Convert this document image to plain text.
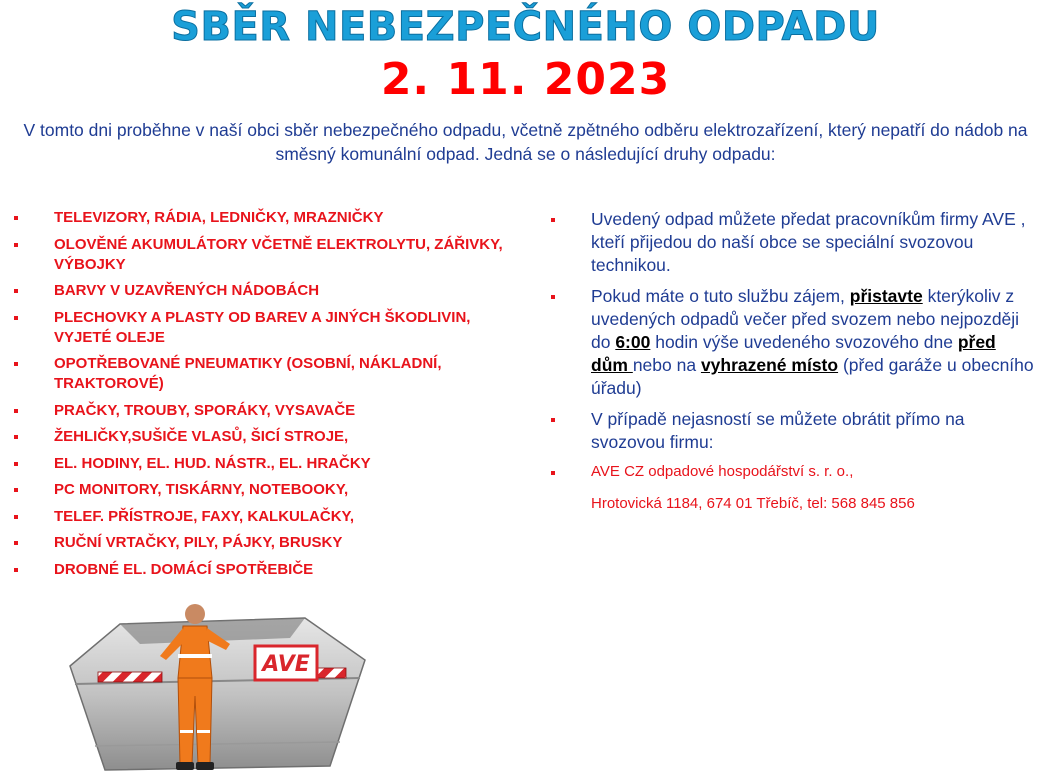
SBĚR NEBEZPEČNÉHO ODPADU
2. 11. 2023
V tomto dni proběhne v naší obci sběr nebezpečného odpadu, včetně zpětného odběru elektrozařízení, který nepatří do nádob na směsný komunální odpad. Jedná se o následující druhy odpadu:
TELEVIZORY, RÁDIA, LEDNIČKY, MRAZNIČKY
OLOVĚNÉ AKUMULÁTORY VČETNĚ ELEKTROLYTU, ZÁŘIVKY, VÝBOJKY
BARVY V UZAVŘENÝCH NÁDOBÁCH
PLECHOVKY A PLASTY OD BAREV A JINÝCH ŠKODLIVIN, VYJETÉ OLEJE
OPOTŘEBOVANÉ PNEUMATIKY (OSOBNÍ, NÁKLADNÍ, TRAKTOROVÉ)
PRAČKY, TROUBY, SPORÁKY, VYSAVAČE
ŽEHLIČKY,SUŠIČE VLASŮ, ŠICÍ STROJE,
EL. HODINY, EL. HUD. NÁSTR., EL. HRAČKY
PC MONITORY, TISKÁRNY, NOTEBOOKY,
TELEF. PŘÍSTROJE, FAXY, KALKULAČKY,
RUČNÍ VRTAČKY, PILY, PÁJKY, BRUSKY
DROBNÉ EL. DOMÁCÍ SPOTŘEBIČE
Uvedený odpad můžete předat pracovníkům firmy AVE , kteří přijedou do naší obce se speciální svozovou technikou.
Pokud máte o tuto službu zájem, přistavte kterýkoliv z uvedených odpadů večer před svozem nebo nejpozději do 6:00 hodin výše uvedeného svozového dne před dům nebo na vyhrazené místo (před garáže u obecního úřadu)
V případě nejasností se můžete obrátit přímo na svozovou firmu:
AVE CZ odpadové hospodářství s. r. o.,
Hrotovická 1184, 674 01 Třebíč, tel: 568 845 856
AVE
